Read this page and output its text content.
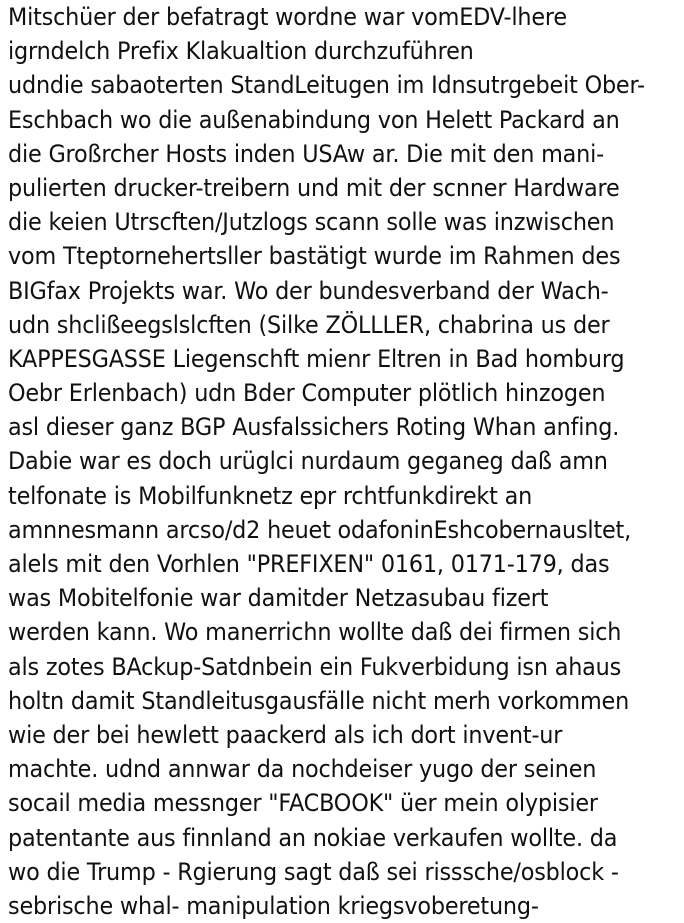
Mitschüer der befatragt wordne war vomEDV-lhere
igrndelch Prefix Klakualtion durchzuführen
udndie sabaoterten StandLeitugen im Idnsutrgebeit Ober-
Eschbach wo die außenabindung von Helett Packard an
die Großrcher Hosts inden USAw ar. Die mit den mani-
pulierten drucker-treibern und mit der scnner Hardware
die keien Utrscften/Jutzlogs scann solle was inzwischen
vom Tteptornehertsller bastätigt wurde im Rahmen des
BIGfax Projekts war. Wo der bundesverband der Wach-
udn shclißeegslslcften (Silke ZÖLLLER, chabrina us der
KAPPESGASSE Liegenschft mienr Eltren in Bad homburg
Oebr Erlenbach) udn Bder Computer plötlich hinzogen
asl dieser ganz BGP Ausfalssichers Roting Whan anfing.
Dabie war es doch urüglci nurdaum geganeg daß amn
telfonate is Mobilfunknetz epr rchtfunkdirekt an
amnnesmann arcso/d2 heuet odafoninEshcobernausltet,
alels mit den Vorhlen "PREFIXEN" 0161, 0171-179, das
was Mobitelfonie war damitder Netzasubau fizert
werden kann. Wo manerrichn wollte daß dei firmen sich
als zotes BAckup-Satdnbein ein Fukverbidung isn ahaus
holtn damit Standleitusgausfälle nicht merh vorkommen
wie der bei hewlett paackerd als ich dort invent-ur
machte. udnd annwar da nochdeiser yugo der seinen
socail media messnger "FACBOOK" üer mein olypisier
patentante aus finnland an nokiae verkaufen wollte. da
wo die Trump - Rgierung sagt daß sei risssche/osblock -
sebrische whal- manipulation kriegsvoberetung-
